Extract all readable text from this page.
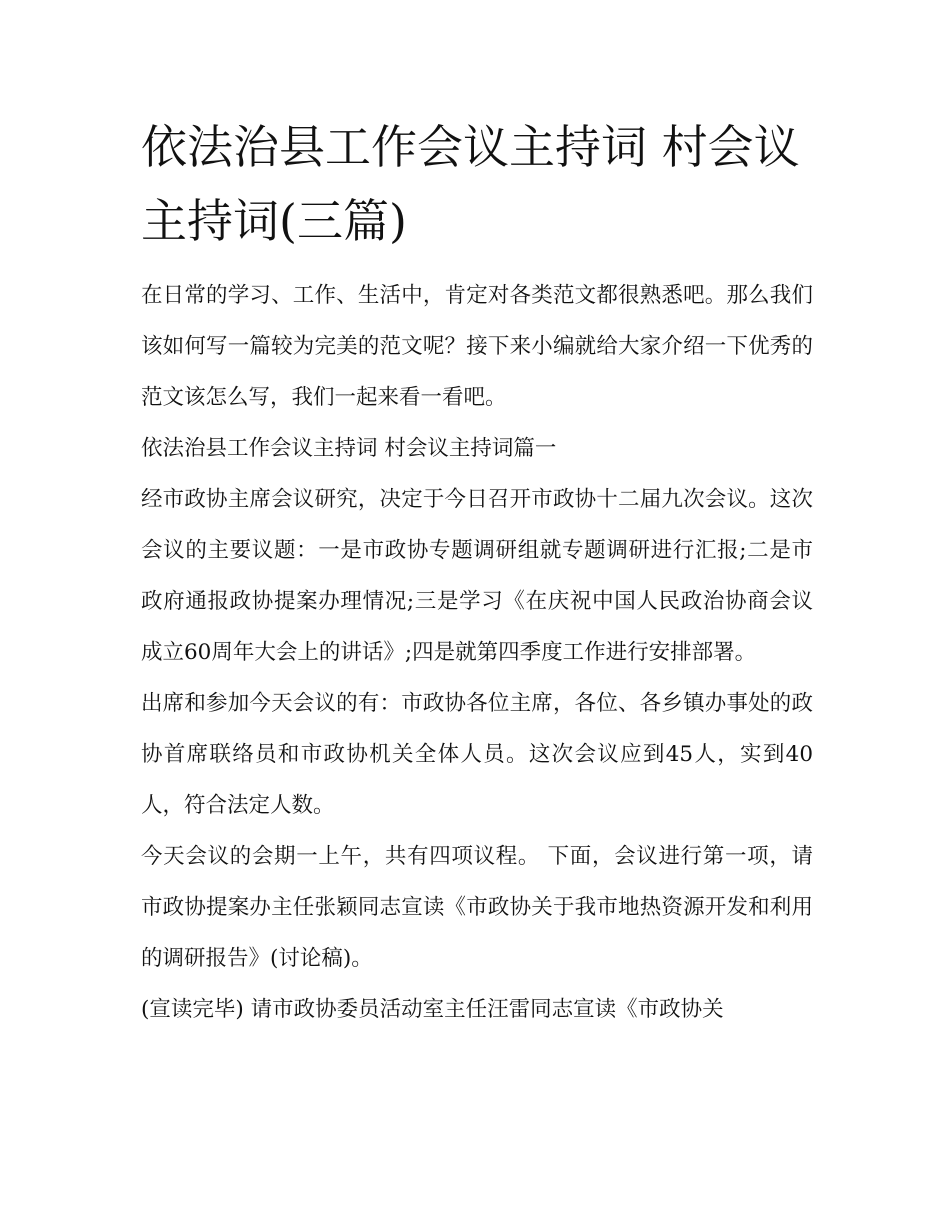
依法治县工作会议主持词 村会议主持词(三篇)

在日常的学习、工作、生活中，肯定对各类范文都很熟悉吧。那么我们该如何写一篇较为完美的范文呢？接下来小编就给大家介绍一下优秀的范文该怎么写，我们一起来看一看吧。

依法治县工作会议主持词 村会议主持词篇一

经市政协主席会议研究，决定于今日召开市政协十二届九次会议。这次会议的主要议题：一是市政协专题调研组就专题调研进行汇报;二是市政府通报政协提案办理情况;三是学习《在庆祝中国人民政治协商会议成立60周年大会上的讲话》;四是就第四季度工作进行安排部署。

出席和参加今天会议的有：市政协各位主席，各位、各乡镇办事处的政协首席联络员和市政协机关全体人员。这次会议应到45人，实到40人，符合法定人数。

今天会议的会期一上午，共有四项议程。 下面，会议进行第一项，请市政协提案办主任张颖同志宣读《市政协关于我市地热资源开发和利用的调研报告》(讨论稿)。

(宣读完毕) 请市政协委员活动室主任汪雷同志宣读《市政协关
